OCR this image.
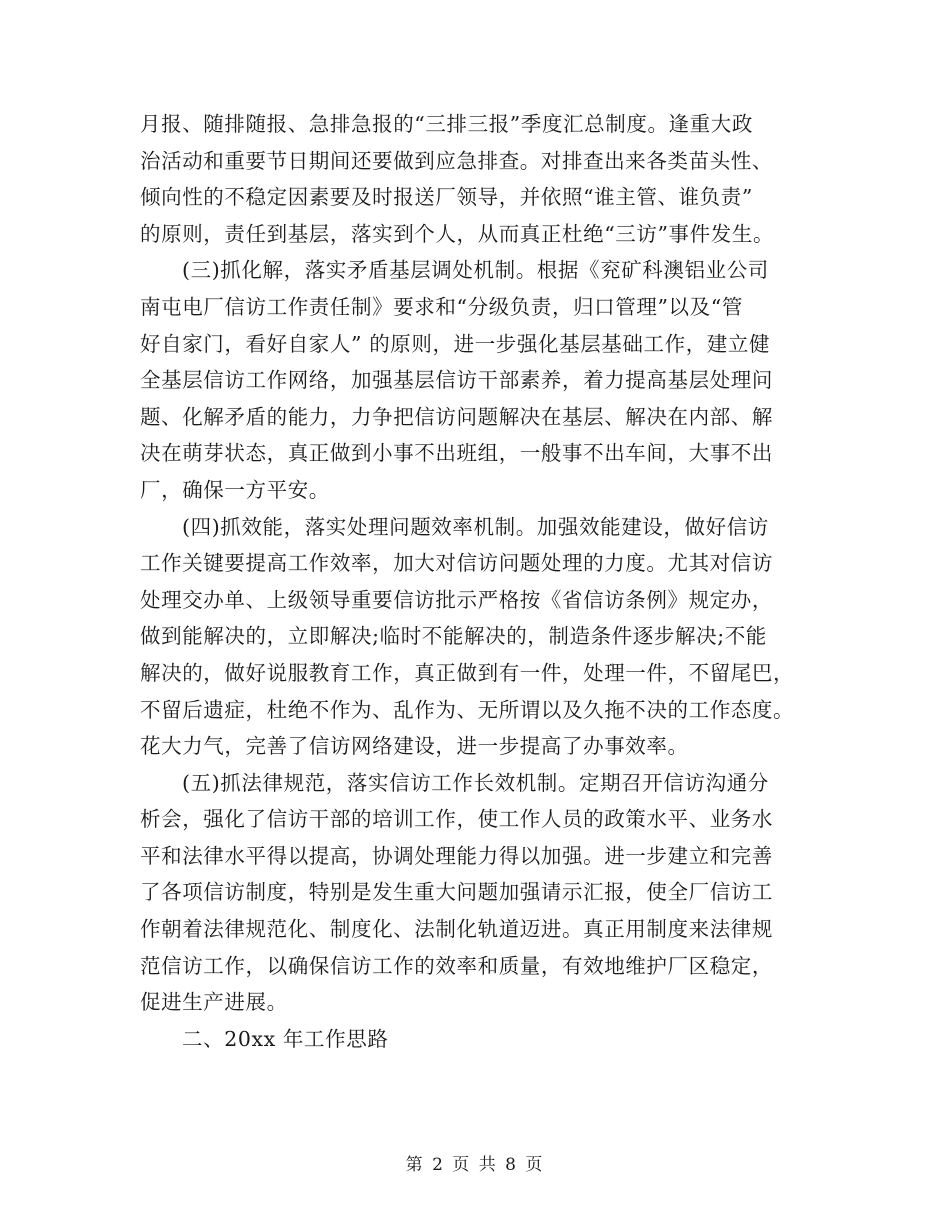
月报、随排随报、急排急报的“三排三报”季度汇总制度。逢重大政
治活动和重要节日期间还要做到应急排查。对排查出来各类苗头性、
倾向性的不稳定因素要及时报送厂领导，并依照“谁主管、谁负责”
的原则，责任到基层，落实到个人，从而真正杜绝“三访”事件发生。
(三)抓化解，落实矛盾基层调处机制。根据《兖矿科澳铝业公司
南屯电厂信访工作责任制》要求和“分级负责，归口管理”以及“管
好自家门，看好自家人” 的原则，进一步强化基层基础工作，建立健
全基层信访工作网络，加强基层信访干部素养，着力提高基层处理问
题、化解矛盾的能力，力争把信访问题解决在基层、解决在内部、解
决在萌芽状态，真正做到小事不出班组，一般事不出车间，大事不出
厂，确保一方平安。
(四)抓效能，落实处理问题效率机制。加强效能建设，做好信访
工作关键要提高工作效率，加大对信访问题处理的力度。尤其对信访
处理交办单、上级领导重要信访批示严格按《省信访条例》规定办，
做到能解决的，立即解决;临时不能解决的，制造条件逐步解决;不能
解决的，做好说服教育工作，真正做到有一件，处理一件，不留尾巴，
不留后遗症，杜绝不作为、乱作为、无所谓以及久拖不决的工作态度。
花大力气，完善了信访网络建设，进一步提高了办事效率。
(五)抓法律规范，落实信访工作长效机制。定期召开信访沟通分
析会，强化了信访干部的培训工作，使工作人员的政策水平、业务水
平和法律水平得以提高，协调处理能力得以加强。进一步建立和完善
了各项信访制度，特别是发生重大问题加强请示汇报，使全厂信访工
作朝着法律规范化、制度化、法制化轨道迈进。真正用制度来法律规
范信访工作，以确保信访工作的效率和质量，有效地维护厂区稳定，
促进生产进展。
二、20xx 年工作思路
第 2 页 共 8 页
